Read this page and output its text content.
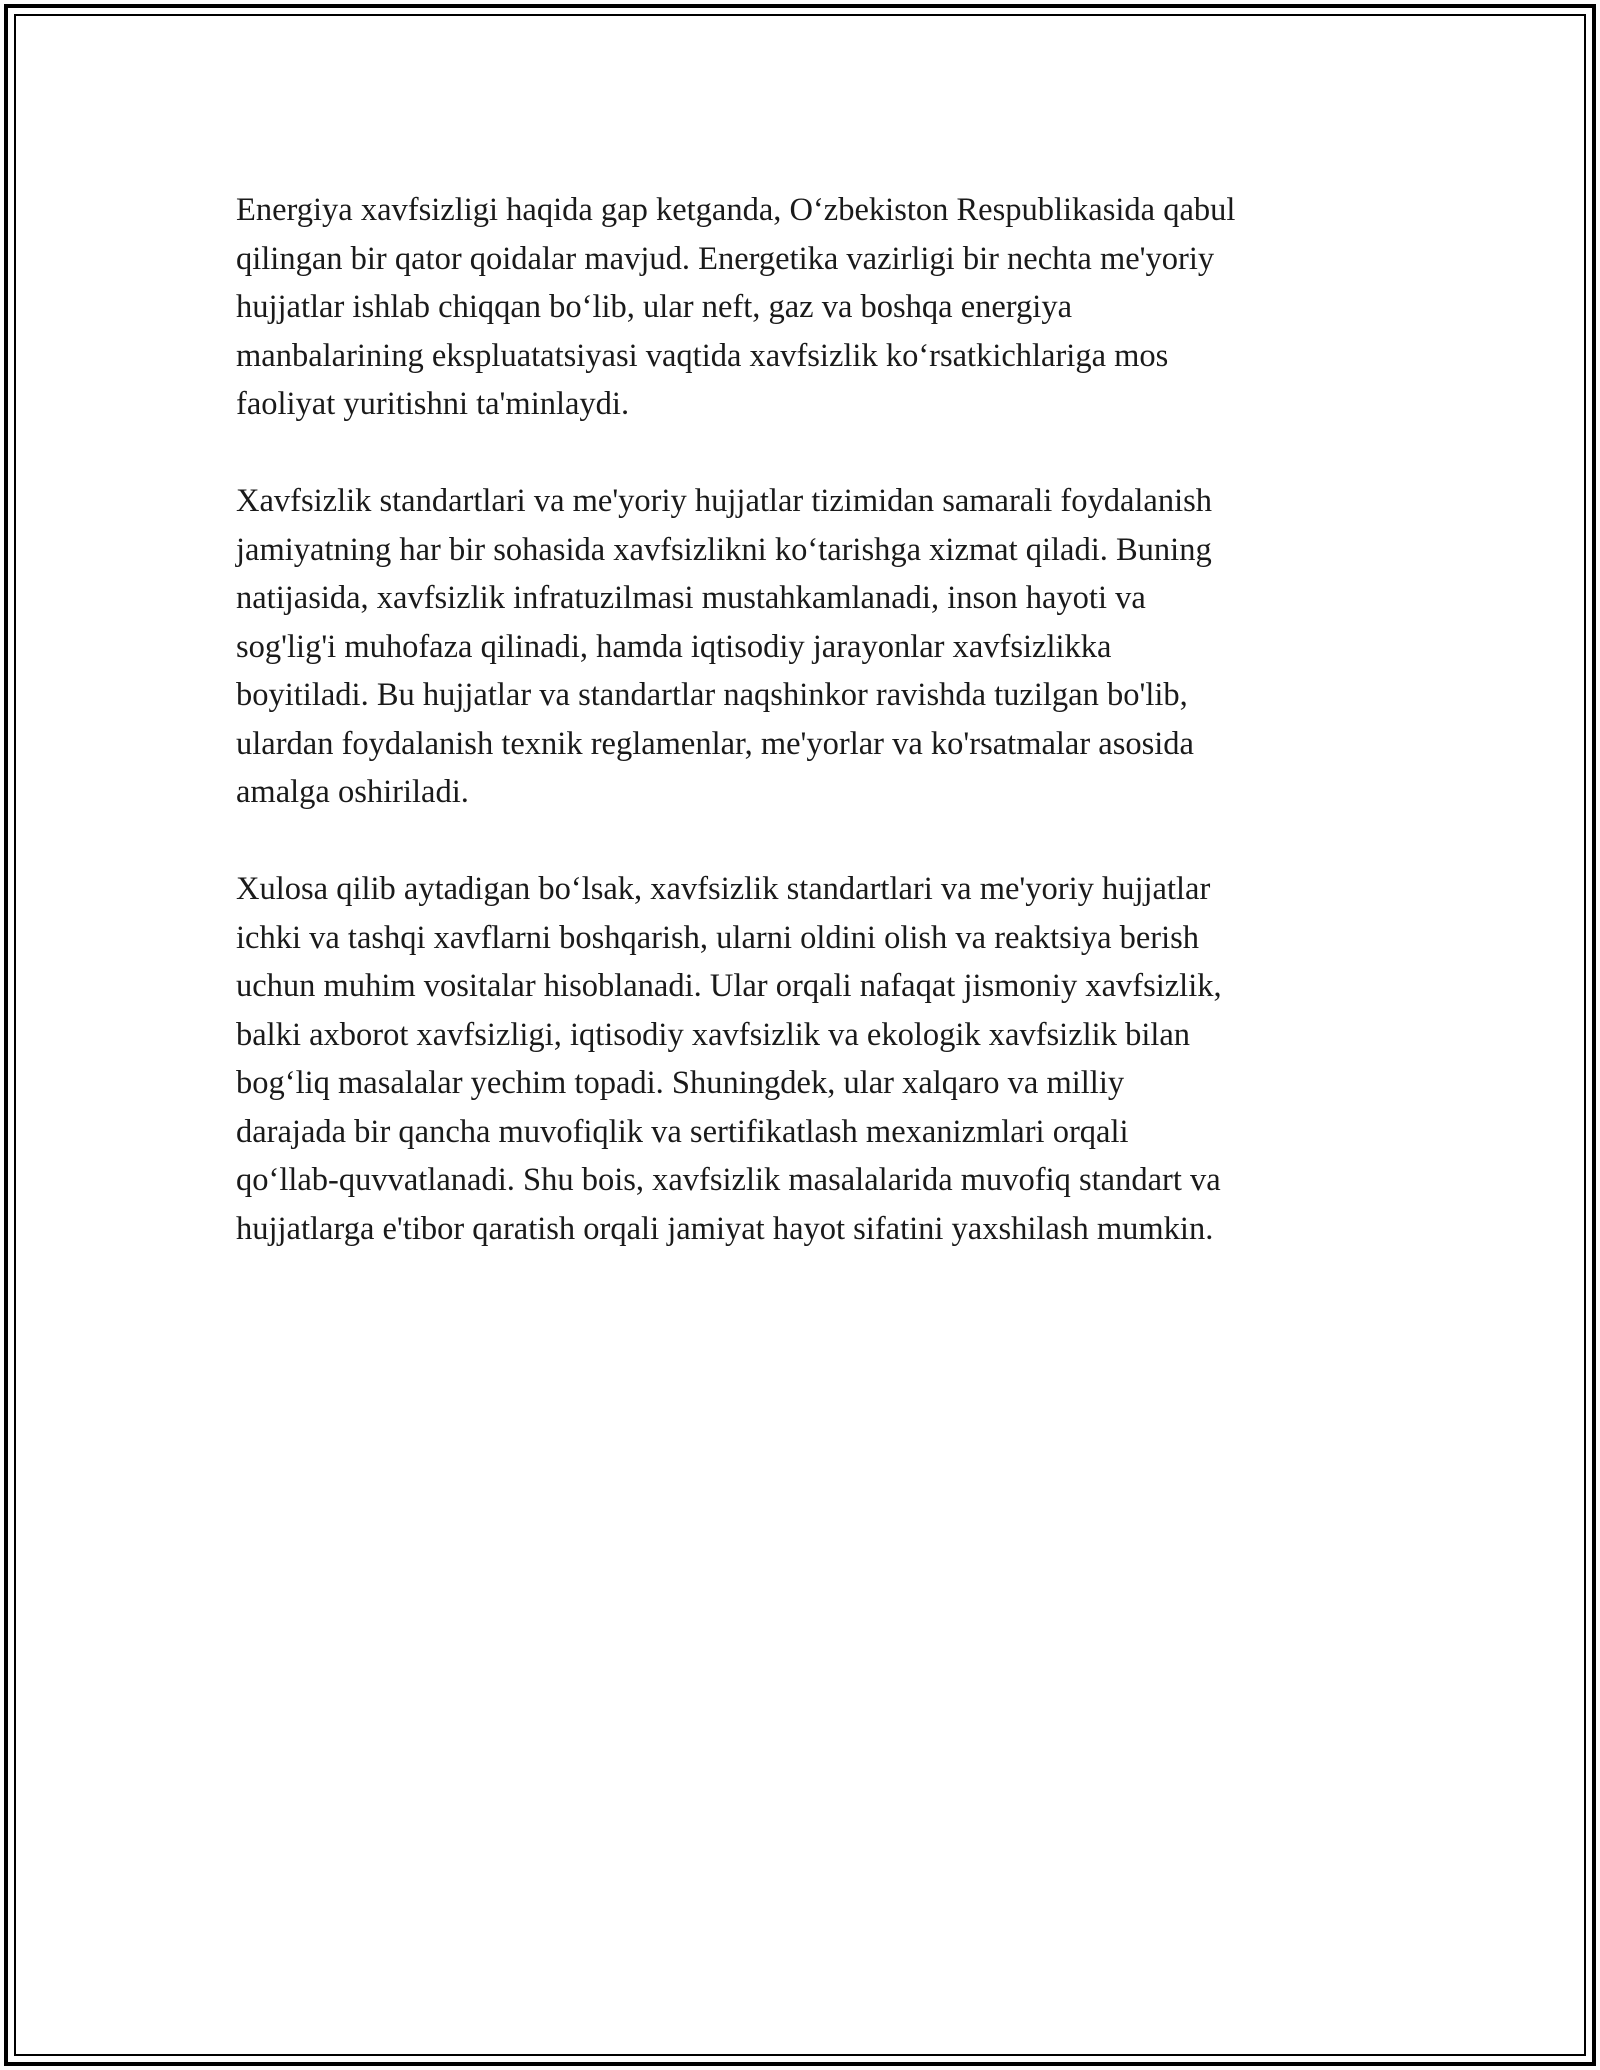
Energiya xavfsizligi haqida gap ketganda, O‘zbekiston Respublikasida qabul
qilingan bir qator qoidalar mavjud. Energetika vazirligi bir nechta me'yoriy
hujjatlar ishlab chiqqan bo‘lib, ular neft, gaz va boshqa energiya
manbalarining ekspluatatsiyasi vaqtida xavfsizlik ko‘rsatkichlariga mos
faoliyat yuritishni ta'minlaydi.

Xavfsizlik standartlari va me'yoriy hujjatlar tizimidan samarali foydalanish
jamiyatning har bir sohasida xavfsizlikni ko‘tarishga xizmat qiladi. Buning
natijasida, xavfsizlik infratuzilmasi mustahkamlanadi, inson hayoti va
sog'lig'i muhofaza qilinadi, hamda iqtisodiy jarayonlar xavfsizlikka
boyitiladi. Bu hujjatlar va standartlar naqshinkor ravishda tuzilgan bo'lib,
ulardan foydalanish texnik reglamenlar, me'yorlar va ko'rsatmalar asosida
amalga oshiriladi.

Xulosa qilib aytadigan bo‘lsak, xavfsizlik standartlari va me'yoriy hujjatlar
ichki va tashqi xavflarni boshqarish, ularni oldini olish va reaktsiya berish
uchun muhim vositalar hisoblanadi. Ular orqali nafaqat jismoniy xavfsizlik,
balki axborot xavfsizligi, iqtisodiy xavfsizlik va ekologik xavfsizlik bilan
bog‘liq masalalar yechim topadi. Shuningdek, ular xalqaro va milliy
darajada bir qancha muvofiqlik va sertifikatlash mexanizmlari orqali
qo‘llab-quvvatlanadi. Shu bois, xavfsizlik masalalarida muvofiq standart va
hujjatlarga e'tibor qaratish orqali jamiyat hayot sifatini yaxshilash mumkin.
